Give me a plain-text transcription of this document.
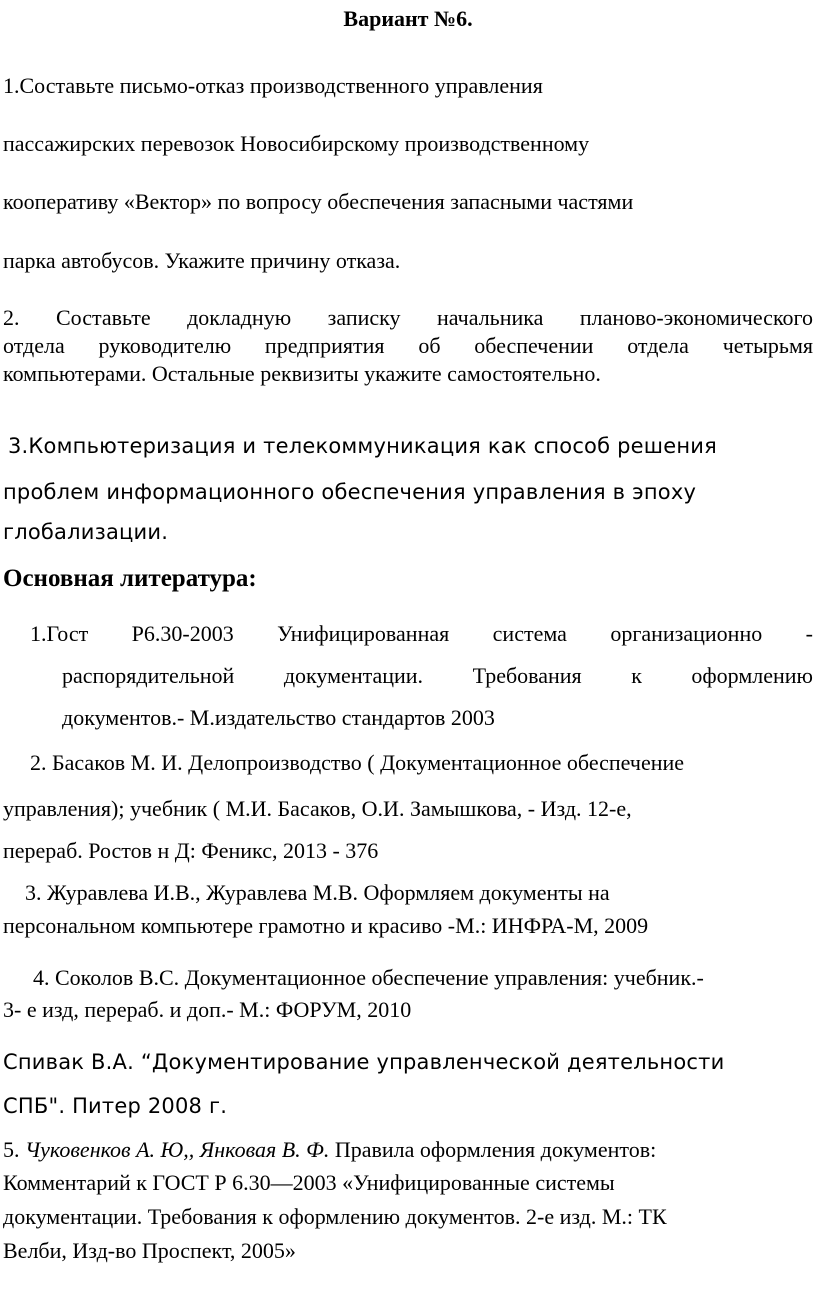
Вариант №6.
1.Составьте письмо-отказ производственного управления
пассажирских перевозок Новосибирскому производственному
кооперативу «Вектор» по вопросу обеспечения запасными частями
парка автобусов. Укажите причину отказа.
2. Составьте докладную записку начальника планово-экономического
отдела руководителю предприятия об обеспечении отдела четырьмя
компьютерами. Остальные реквизиты укажите самостоятельно.
3.Компьютеризация и телекоммуникация как способ решения
проблем информационного обеспечения управления в эпоху
глобализации.
Основная литература:
1.Гост Р6.30-2003 Унифицированная система организационно -
распорядительной документации. Требования к оформлению
документов.- М.издательство стандартов 2003
2. Басаков М. И. Делопроизводство ( Документационное обеспечение
управления); учебник ( М.И. Басаков, О.И. Замышкова, - Изд. 12-е,
перераб. Ростов н Д: Феникс, 2013 - 376
3. Журавлева И.В., Журавлева М.В. Оформляем документы на
персональном компьютере грамотно и красиво -М.: ИНФРА-М, 2009
4. Соколов В.С. Документационное обеспечение управления: учебник.-
3- е изд, перераб. и доп.- М.: ФОРУМ, 2010
Спивак В.А. “Документирование управленческой деятельности
СПБ". Питер 2008 г.
5. Чуковенков А. Ю,, Янковая В. Ф. Правила оформления документов:
Комментарий к ГОСТ Р 6.30—2003 «Унифицированные системы
документации. Требования к оформлению документов. 2-е изд. М.: ТК
Велби, Изд-во Проспект, 2005»
